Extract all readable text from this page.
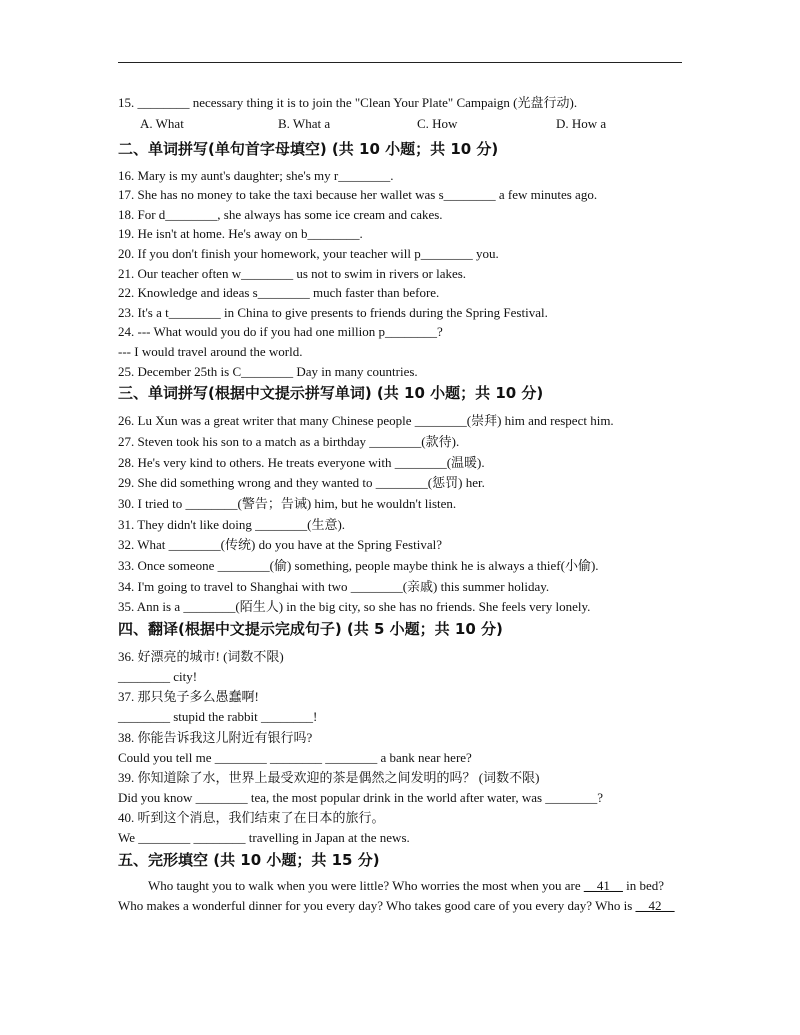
15. ________ necessary thing it is to join the "Clean Your Plate" Campaign (光盘行动).
A. What	B. What a	C. How	D. How a
二、单词拼写(单句首字母填空) (共 10 小题；共 10 分)
16. Mary is my aunt's daughter; she's my r________.
17. She has no money to take the taxi because her wallet was s________ a few minutes ago.
18. For d________, she always has some ice cream and cakes.
19. He isn't at home. He's away on b________.
20. If you don't finish your homework, your teacher will p________ you.
21. Our teacher often w________ us not to swim in rivers or lakes.
22. Knowledge and ideas s________ much faster than before.
23. It's a t________ in China to give presents to friends during the Spring Festival.
24. --- What would you do if you had one million p________?
--- I would travel around the world.
25. December 25th is C________ Day in many countries.
三、单词拼写(根据中文提示拼写单词) (共 10 小题；共 10 分)
26. Lu Xun was a great writer that many Chinese people ________(崇拜) him and respect him.
27. Steven took his son to a match as a birthday ________(款待).
28. He's very kind to others. He treats everyone with ________(温暖).
29. She did something wrong and they wanted to ________(惩罚) her.
30. I tried to ________(警告；告诫) him, but he wouldn't listen.
31. They didn't like doing ________(生意).
32. What ________(传统) do you have at the Spring Festival?
33. Once someone ________(偷) something, people maybe think he is always a thief(小偷).
34. I'm going to travel to Shanghai with two ________(亲戚) this summer holiday.
35. Ann is a ________(陌生人) in the big city, so she has no friends. She feels very lonely.
四、翻译(根据中文提示完成句子) (共 5 小题；共 10 分)
36. 好漂亮的城市! (词数不限)
________ city!
37. 那只兔子多么愚蠢啊!
________ stupid the rabbit ________!
38. 你能告诉我这儿附近有银行吗?
Could you tell me ________ ________ ________ a bank near here?
39. 你知道除了水，世界上最受欢迎的茶是偶然之间发明的吗？ (词数不限)
Did you know ________ tea, the most popular drink in the world after water, was ________?
40. 听到这个消息，我们结束了在日本的旅行。
We ________ ________ travelling in Japan at the news.
五、完形填空 (共 10 小题；共 15 分)
Who taught you to walk when you were little? Who worries the most when you are __41__ in bed?
Who makes a wonderful dinner for you every day? Who takes good care of you every day? Who is __42__
